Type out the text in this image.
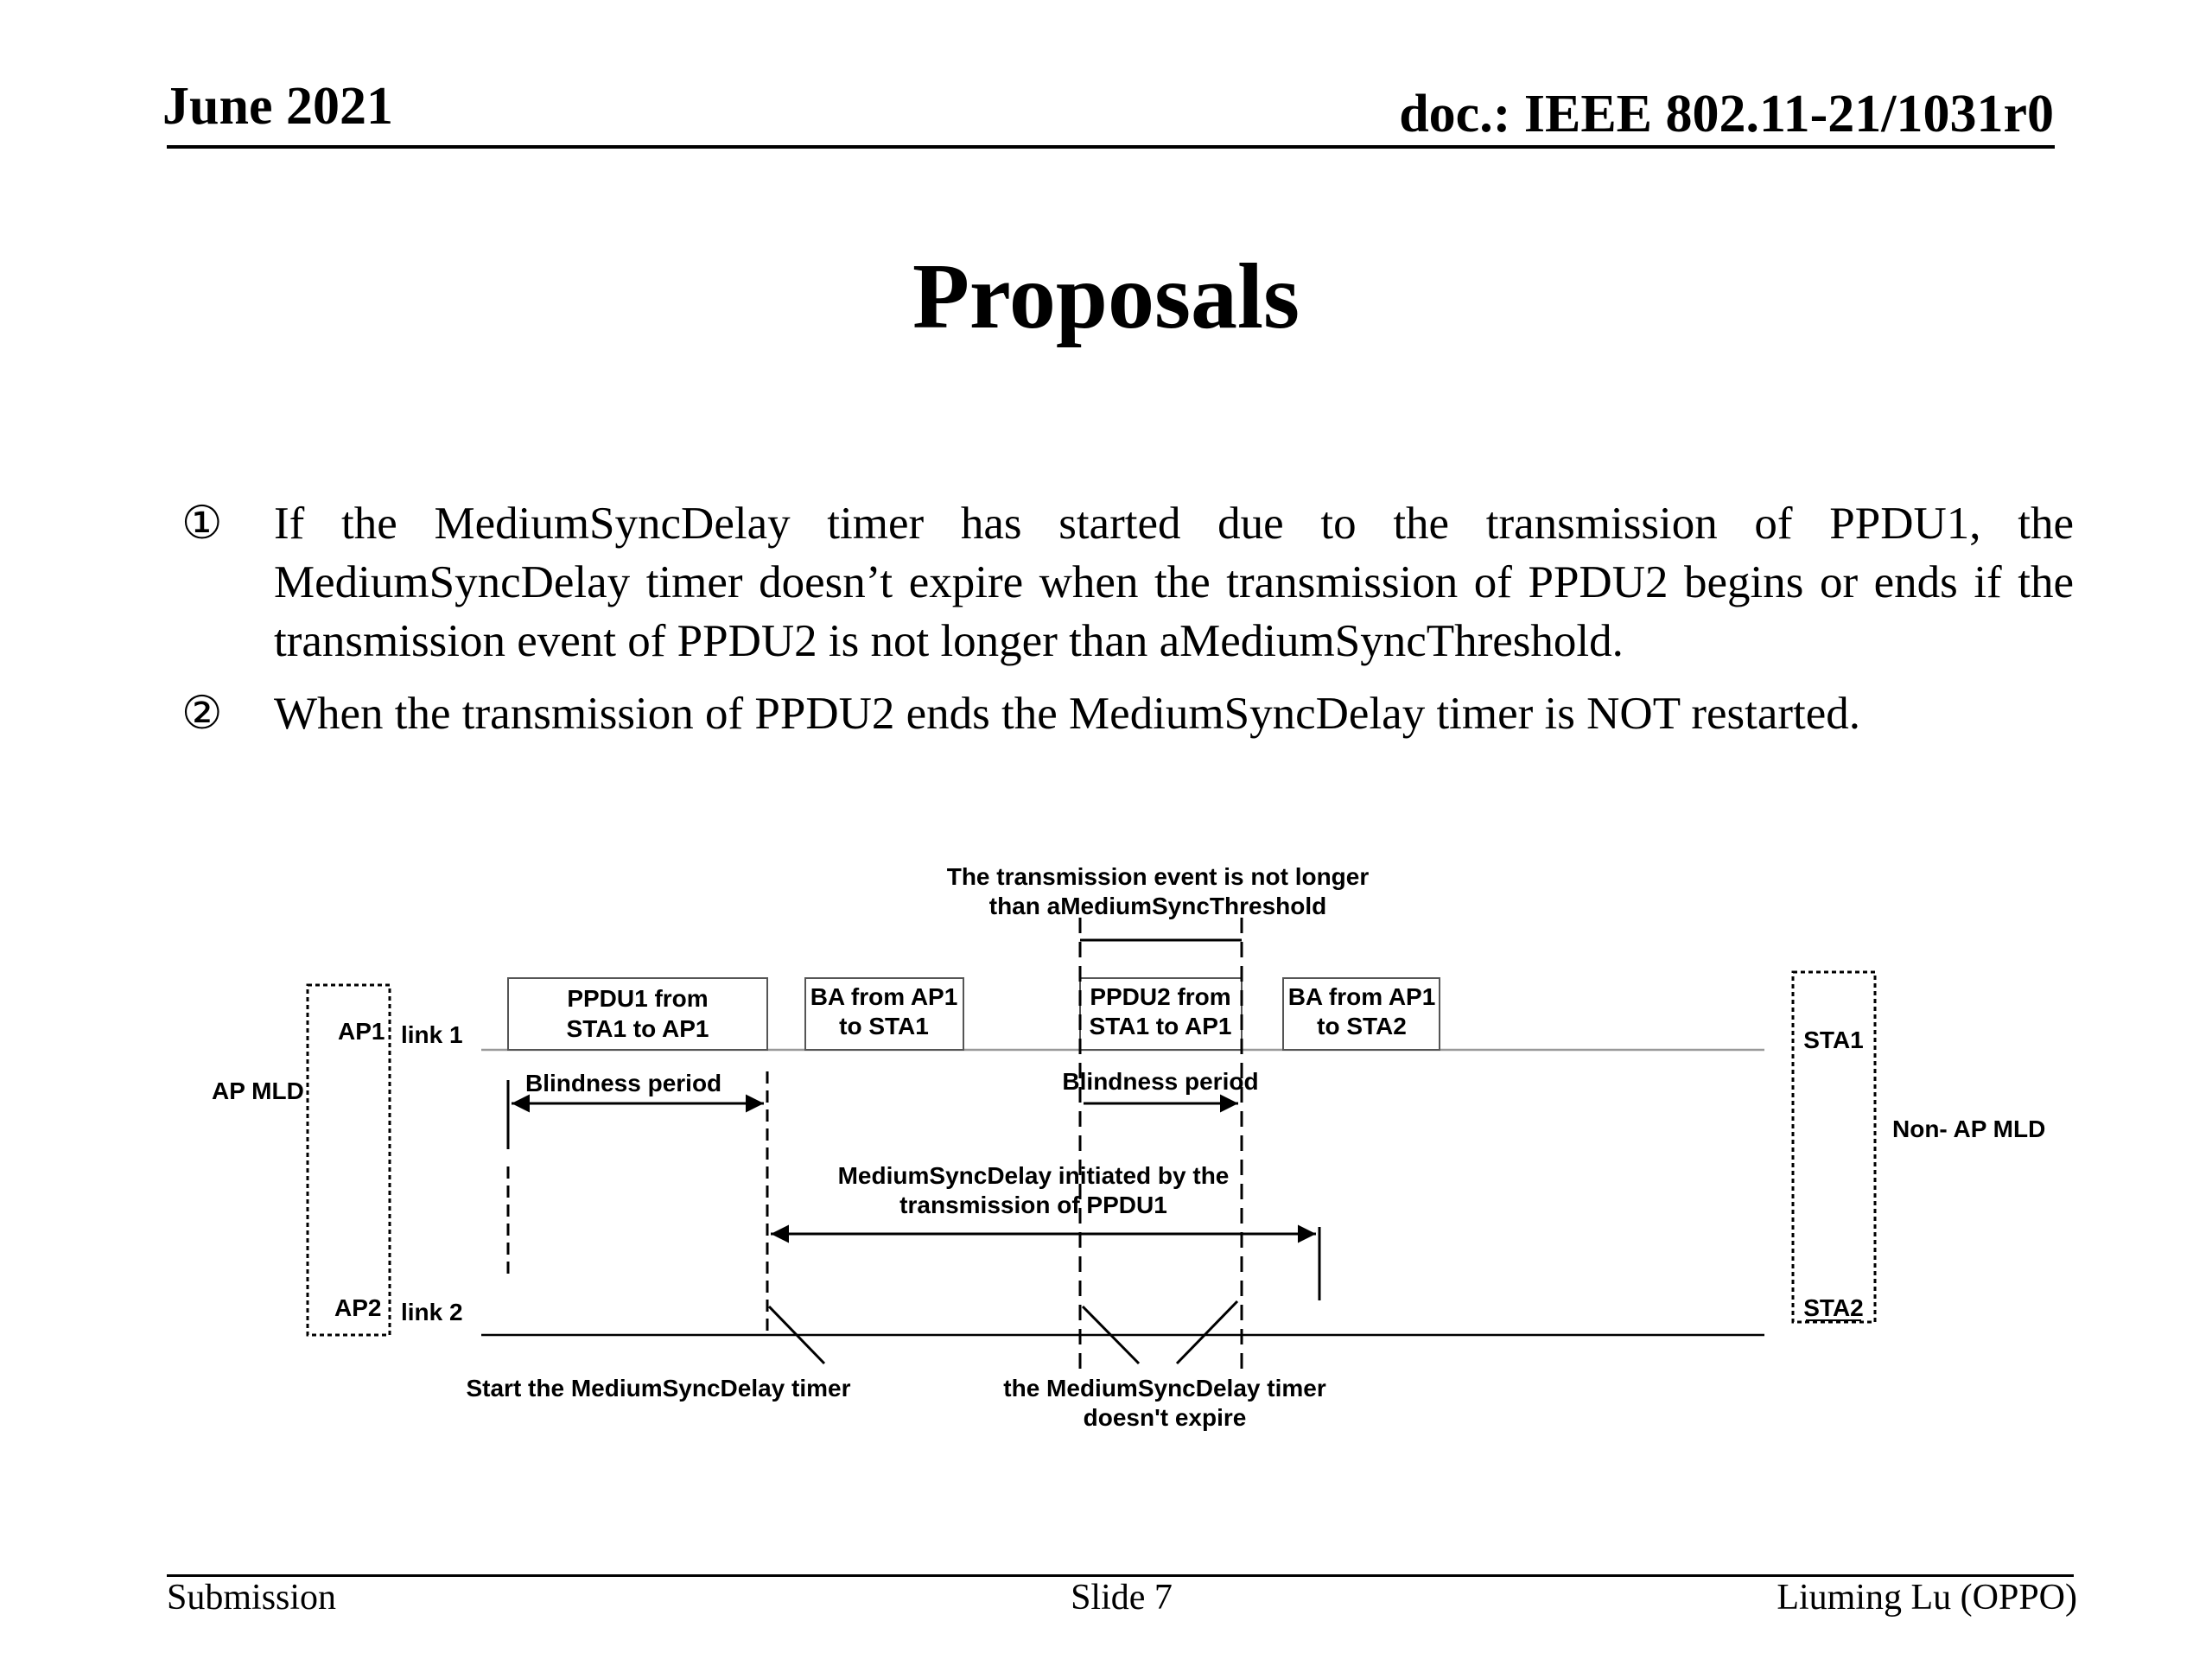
June 2021	doc.: IEEE 802.11-21/1031r0
Proposals
①	If the MediumSyncDelay timer has started due to the transmission of PPDU1, the MediumSyncDelay timer doesn’t expire when the transmission of PPDU2 begins or ends if the transmission event of PPDU2 is not longer than aMediumSyncThreshold.
②	When the transmission of PPDU2 ends the MediumSyncDelay timer is NOT restarted.
The transmission event is not longer
than aMediumSyncThreshold
AP MLD
AP1
AP2
link 1
link 2
PPDU1 from
STA1 to AP1
BA from AP1
to STA1
PPDU2 from
STA1 to AP1
BA from AP1
to STA2
Blindness period	Blindness period
MediumSyncDelay initiated by the
transmission of PPDU1
STA1
STA2
Non- AP MLD
Start the MediumSyncDelay timer	the MediumSyncDelay timer
doesn't expire
Submission	Slide 7	Liuming Lu (OPPO)
